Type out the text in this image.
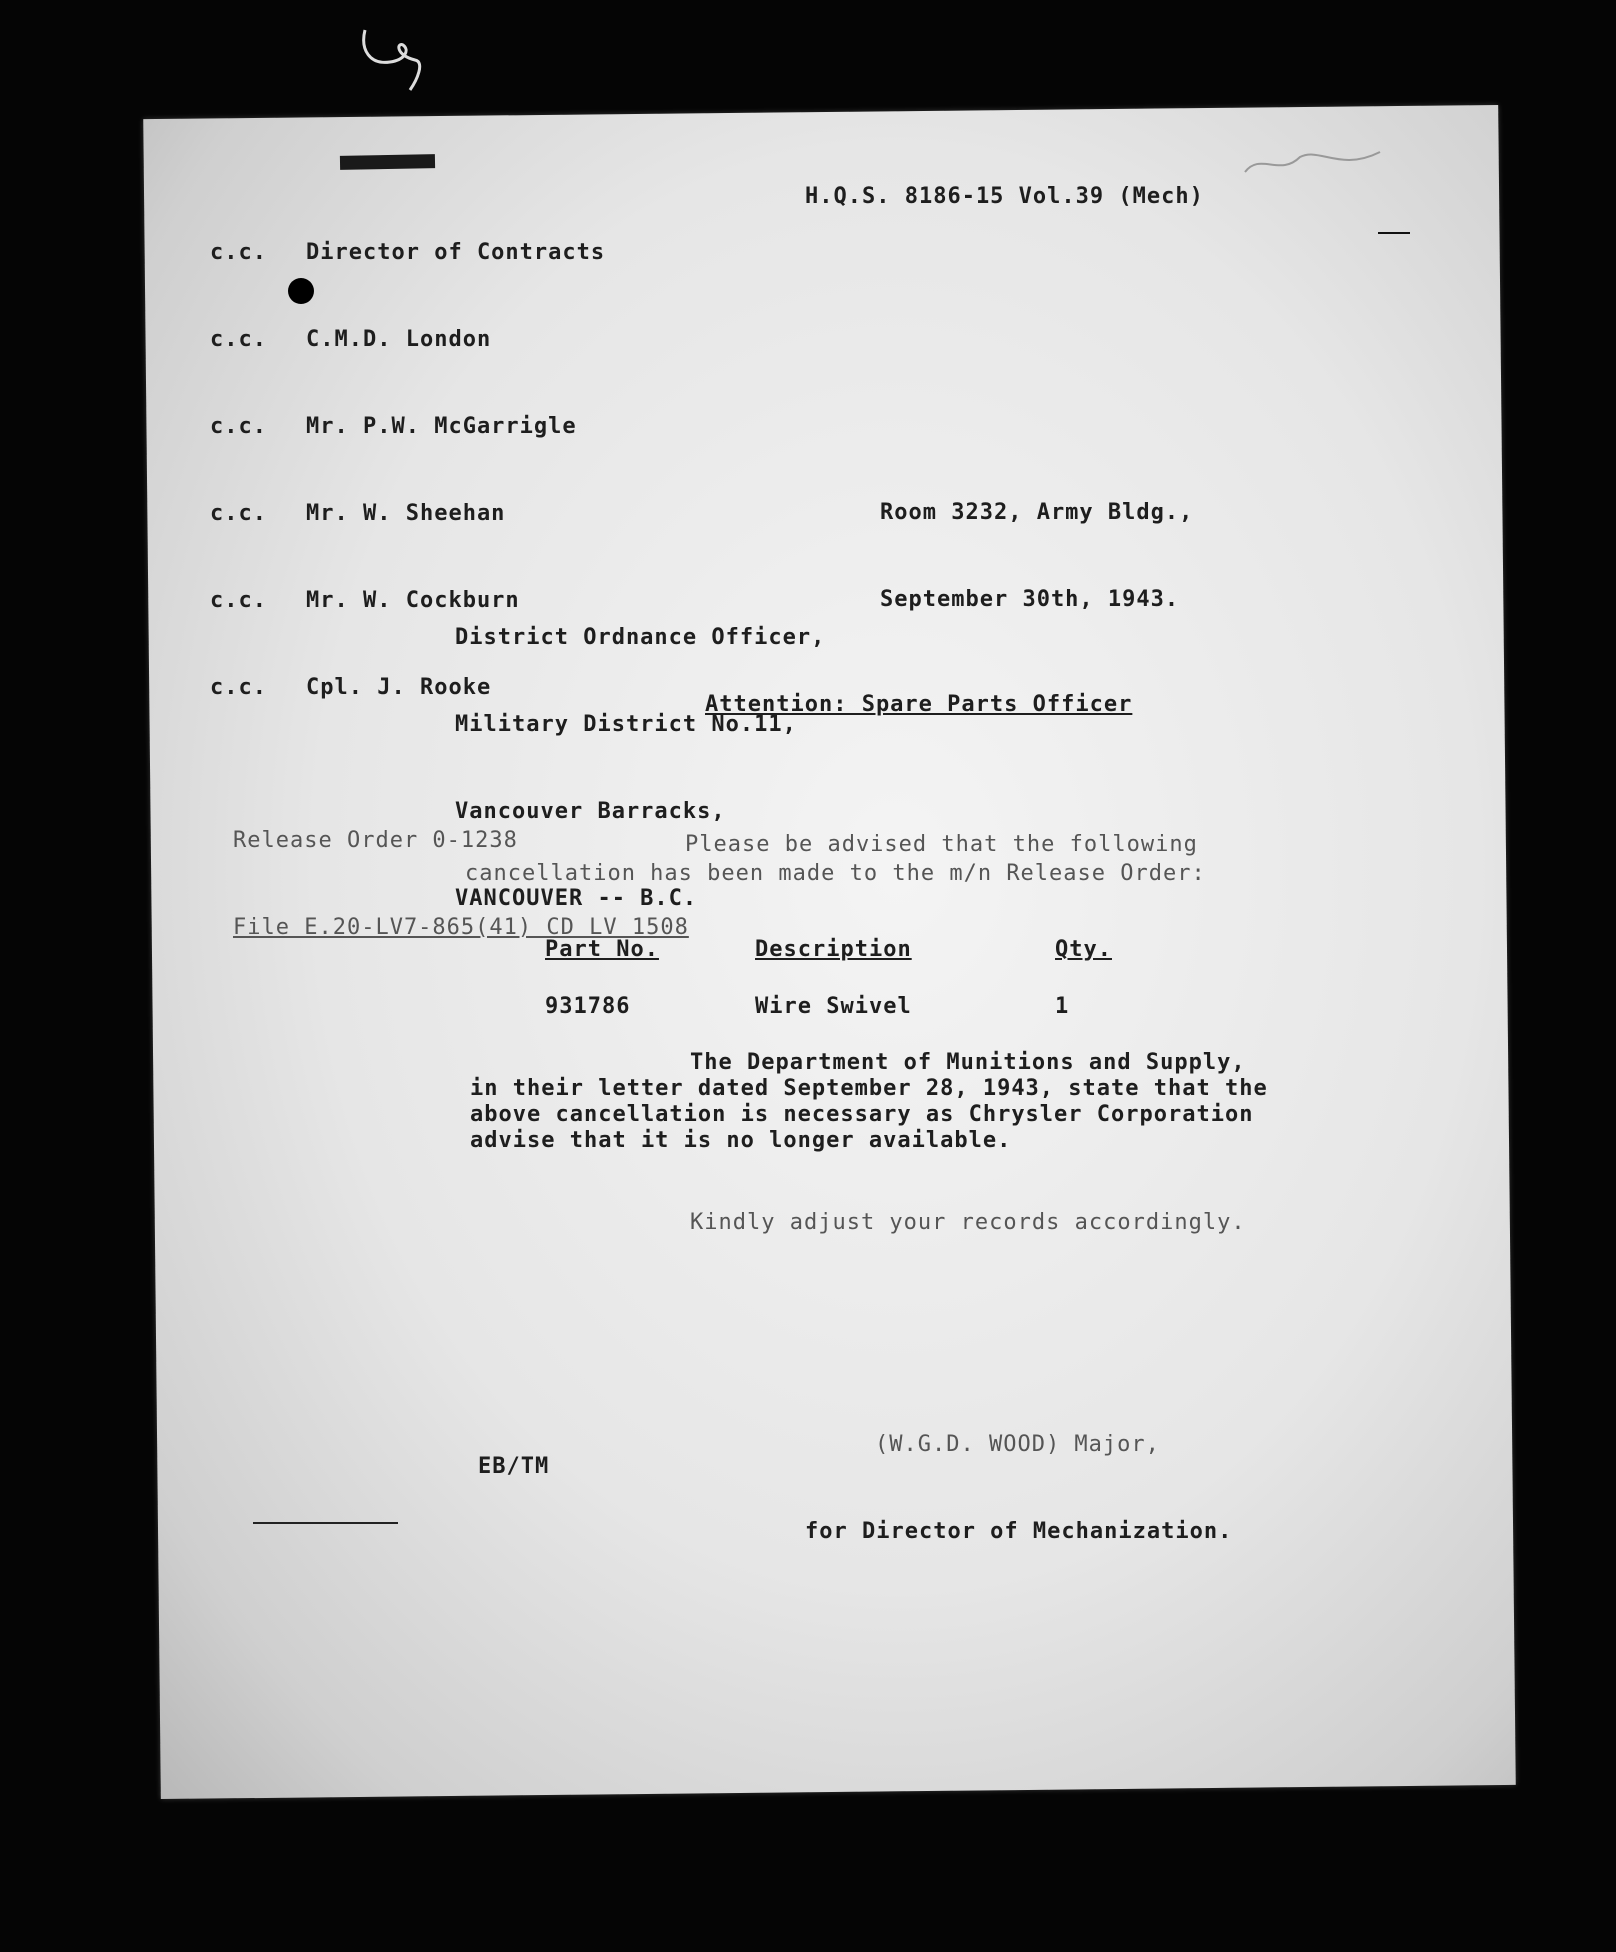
c.c.	Director of Contracts

c.c.	C.M.D. London

c.c.	Mr. P.W. McGarrigle

c.c.	Mr. W. Sheehan

c.c.	Mr. W. Cockburn

c.c.	Cpl. J. Rooke

H.Q.S. 8186-15 Vol.39 (Mech)

Room 3232, Army Bldg.,

September 30th, 1943.

District Ordnance Officer,

Military District No.11,

Vancouver Barracks,

VANCOUVER -- B.C.

Attention: Spare Parts Officer

Release Order 0-1238

File E.20-LV7-865(41) CD LV 1508

Please be advised that the following cancellation has been made to the m/n Release Order:
Part No.	Description	Qty.
931786	Wire Swivel	1
The Department of Munitions and Supply, in their letter dated September 28, 1943, state that the above cancellation is necessary as Chrysler Corporation advise that it is no longer available.
Kindly adjust your records accordingly.

(W.G.D. WOOD) Major,

for Director of Mechanization.

EB/TM
